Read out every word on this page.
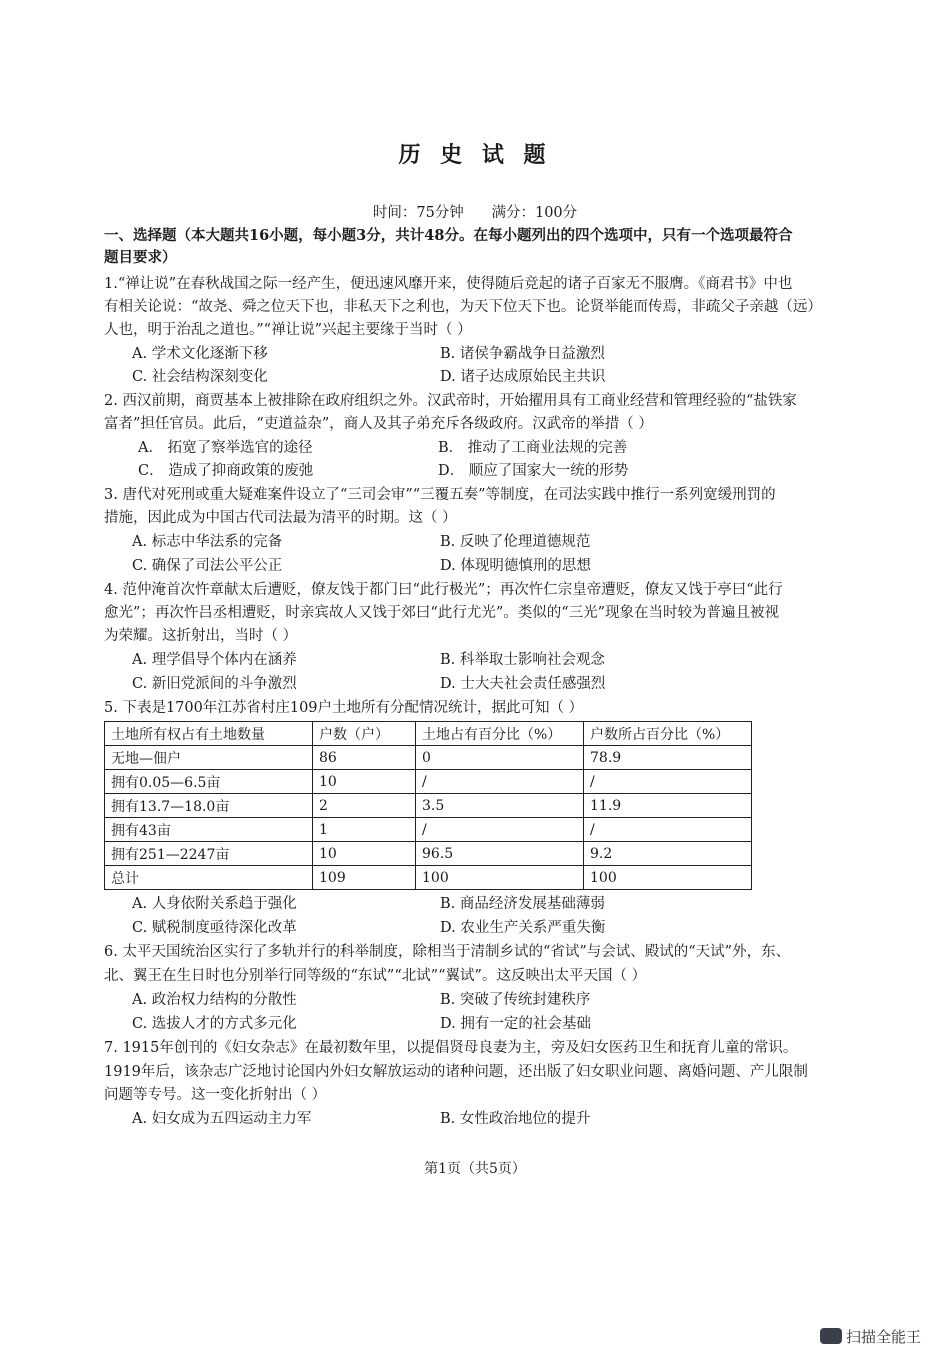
历 史 试 题
时间：75分钟      满分：100分
一、选择题（本大题共16小题，每小题3分，共计48分。在每小题列出的四个选项中，只有一个选项最符合
题目要求）
1.“禅让说”在春秋战国之际一经产生，便迅速风靡开来，使得随后竞起的诸子百家无不服膺。《商君书》中也
有相关论说：“故尧、舜之位天下也，非私天下之利也，为天下位天下也。论贤举能而传焉，非疏父子亲越（远）
人也，明于治乱之道也。”“禅让说”兴起主要缘于当时（ ）
A. 学术文化逐渐下移	B. 诸侯争霸战争日益激烈
C. 社会结构深刻变化	D. 诸子达成原始民主共识
2. 西汉前期，商贾基本上被排除在政府组织之外。汉武帝时，开始擢用具有工商业经营和管理经验的“盐铁家
富者”担任官员。此后，“吏道益杂”，商人及其子弟充斥各级政府。汉武帝的举措（ ）
A． 拓宽了察举选官的途径	B． 推动了工商业法规的完善
C． 造成了抑商政策的废弛	D． 顺应了国家大一统的形势
3. 唐代对死刑或重大疑难案件设立了“三司会审”“三覆五奏”等制度，在司法实践中推行一系列宽缓刑罚的
措施，因此成为中国古代司法最为清平的时期。这（ ）
A. 标志中华法系的完备	B. 反映了伦理道德规范
C. 确保了司法公平公正	D. 体现明德慎刑的思想
4. 范仲淹首次忤章献太后遭贬，僚友饯于都门曰“此行极光”；再次忤仁宗皇帝遭贬，僚友又饯于亭曰“此行
愈光”；再次忤吕丞相遭贬，时亲宾故人又饯于郊曰“此行尤光”。类似的“三光”现象在当时较为普遍且被视
为荣耀。这折射出，当时（ ）
A. 理学倡导个体内在涵养	B. 科举取士影响社会观念
C. 新旧党派间的斗争激烈	D. 士大夫社会责任感强烈
5. 下表是1700年江苏省村庄109户土地所有分配情况统计，据此可知（ ）
土地所有权占有土地数量	户数（户）	土地占有百分比（%）	户数所占百分比（%）
无地—佃户	86	0	78.9
拥有0.05—6.5亩	10	/	/
拥有13.7—18.0亩	2	3.5	11.9
拥有43亩	1	/	/
拥有251—2247亩	10	96.5	9.2
总计	109	100	100
A. 人身依附关系趋于强化	B. 商品经济发展基础薄弱
C. 赋税制度亟待深化改革	D. 农业生产关系严重失衡
6. 太平天国统治区实行了多轨并行的科举制度，除相当于清制乡试的“省试”与会试、殿试的“天试”外，东、
北、翼王在生日时也分别举行同等级的“东试”“北试”“翼试”。这反映出太平天国（ ）
A. 政治权力结构的分散性	B. 突破了传统封建秩序
C. 选拔人才的方式多元化	D. 拥有一定的社会基础
7. 1915年创刊的《妇女杂志》在最初数年里，以提倡贤母良妻为主，旁及妇女医药卫生和抚育儿童的常识。
1919年后，该杂志广泛地讨论国内外妇女解放运动的诸种问题，还出版了妇女职业问题、离婚问题、产儿限制
问题等专号。这一变化折射出（ ）
A. 妇女成为五四运动主力军	B. 女性政治地位的提升
第1页（共5页）
扫描全能王
